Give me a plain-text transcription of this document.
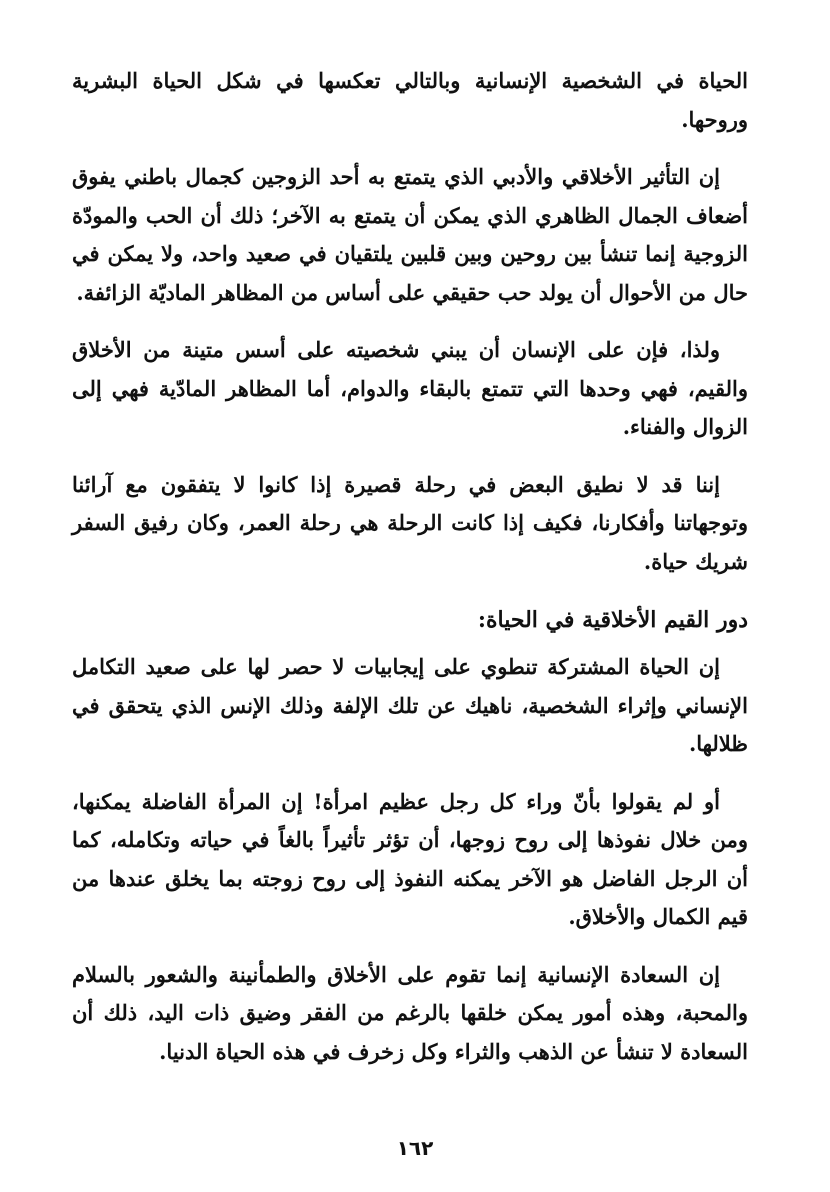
الحياة في الشخصية الإنسانية وبالتالي تعكسها في شكل الحياة البشرية وروحها.

إن التأثير الأخلاقي والأدبي الذي يتمتع به أحد الزوجين كجمال باطني يفوق أضعاف الجمال الظاهري الذي يمكن أن يتمتع به الآخر؛ ذلك أن الحب والمودّة الزوجية إنما تنشأ بين روحين وبين قلبين يلتقيان في صعيد واحد، ولا يمكن في حال من الأحوال أن يولد حب حقيقي على أساس من المظاهر الماديّة الزائفة.

ولذا، فإن على الإنسان أن يبني شخصيته على أسس متينة من الأخلاق والقيم، فهي وحدها التي تتمتع بالبقاء والدوام، أما المظاهر المادّية فهي إلى الزوال والفناء.

إننا قد لا نطيق البعض في رحلة قصيرة إذا كانوا لا يتفقون مع آرائنا وتوجهاتنا وأفكارنا، فكيف إذا كانت الرحلة هي رحلة العمر، وكان رفيق السفر شريك حياة.

دور القيم الأخلاقية في الحياة:

إن الحياة المشتركة تنطوي على إيجابيات لا حصر لها على صعيد التكامل الإنساني وإثراء الشخصية، ناهيك عن تلك الإلفة وذلك الإنس الذي يتحقق في ظلالها.

أو لم يقولوا بأنّ وراء كل رجل عظيم امرأة! إن المرأة الفاضلة يمكنها، ومن خلال نفوذها إلى روح زوجها، أن تؤثر تأثيراً بالغاً في حياته وتكامله، كما أن الرجل الفاضل هو الآخر يمكنه النفوذ إلى روح زوجته بما يخلق عندها من قيم الكمال والأخلاق.

إن السعادة الإنسانية إنما تقوم على الأخلاق والطمأنينة والشعور بالسلام والمحبة، وهذه أمور يمكن خلقها بالرغم من الفقر وضيق ذات اليد، ذلك أن السعادة لا تنشأ عن الذهب والثراء وكل زخرف في هذه الحياة الدنيا.

١٦٢
